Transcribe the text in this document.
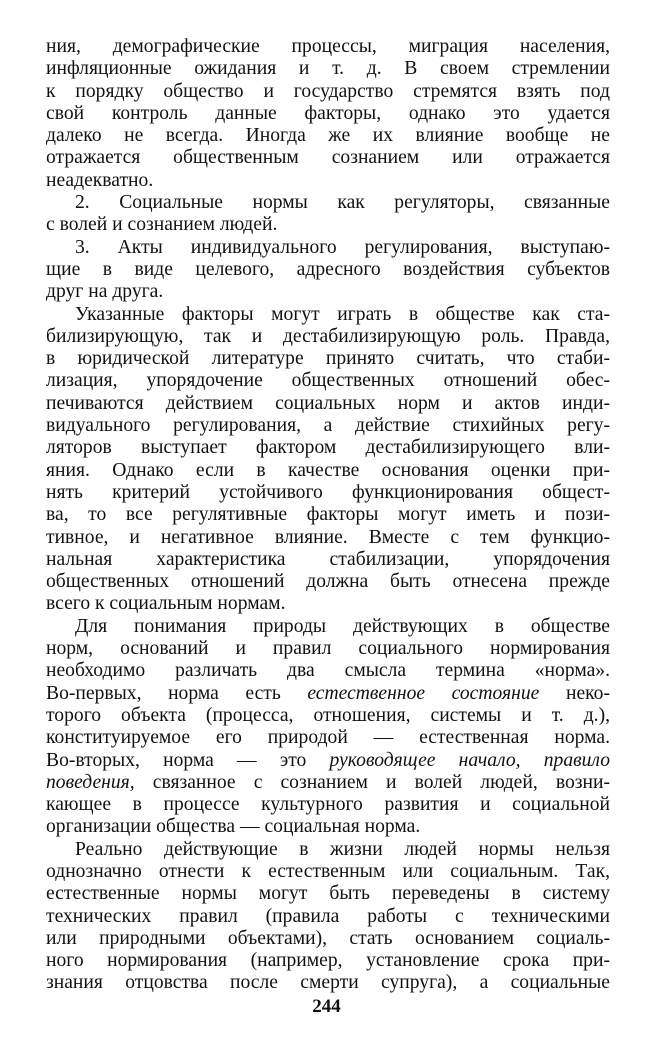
ния, демографические процессы, миграция населения,
инфляционные ожидания и т. д. В своем стремлении
к порядку общество и государство стремятся взять под
свой контроль данные факторы, однако это удается
далеко не всегда. Иногда же их влияние вообще не
отражается общественным сознанием или отражается
неадекватно.
2. Социальные нормы как регуляторы, связанные
с волей и сознанием людей.
3. Акты индивидуального регулирования, выступаю-
щие в виде целевого, адресного воздействия субъектов
друг на друга.
Указанные факторы могут играть в обществе как ста-
билизирующую, так и дестабилизирующую роль. Правда,
в юридической литературе принято считать, что стаби-
лизация, упорядочение общественных отношений обес-
печиваются действием социальных норм и актов инди-
видуального регулирования, а действие стихийных регу-
ляторов выступает фактором дестабилизирующего вли-
яния. Однако если в качестве основания оценки при-
нять критерий устойчивого функционирования общест-
ва, то все регулятивные факторы могут иметь и пози-
тивное, и негативное влияние. Вместе с тем функцио-
нальная характеристика стабилизации, упорядочения
общественных отношений должна быть отнесена прежде
всего к социальным нормам.
Для понимания природы действующих в обществе
норм, оснований и правил социального нормирования
необходимо различать два смысла термина «норма».
Во-первых, норма есть естественное состояние неко-
торого объекта (процесса, отношения, системы и т. д.),
конституируемое его природой — естественная норма.
Во-вторых, норма — это руководящее начало, правило
поведения, связанное с сознанием и волей людей, возни-
кающее в процессе культурного развития и социальной
организации общества — социальная норма.
Реально действующие в жизни людей нормы нельзя
однозначно отнести к естественным или социальным. Так,
естественные нормы могут быть переведены в систему
технических правил (правила работы с техническими
или природными объектами), стать основанием социаль-
ного нормирования (например, установление срока при-
знания отцовства после смерти супруга), а социальные
244
